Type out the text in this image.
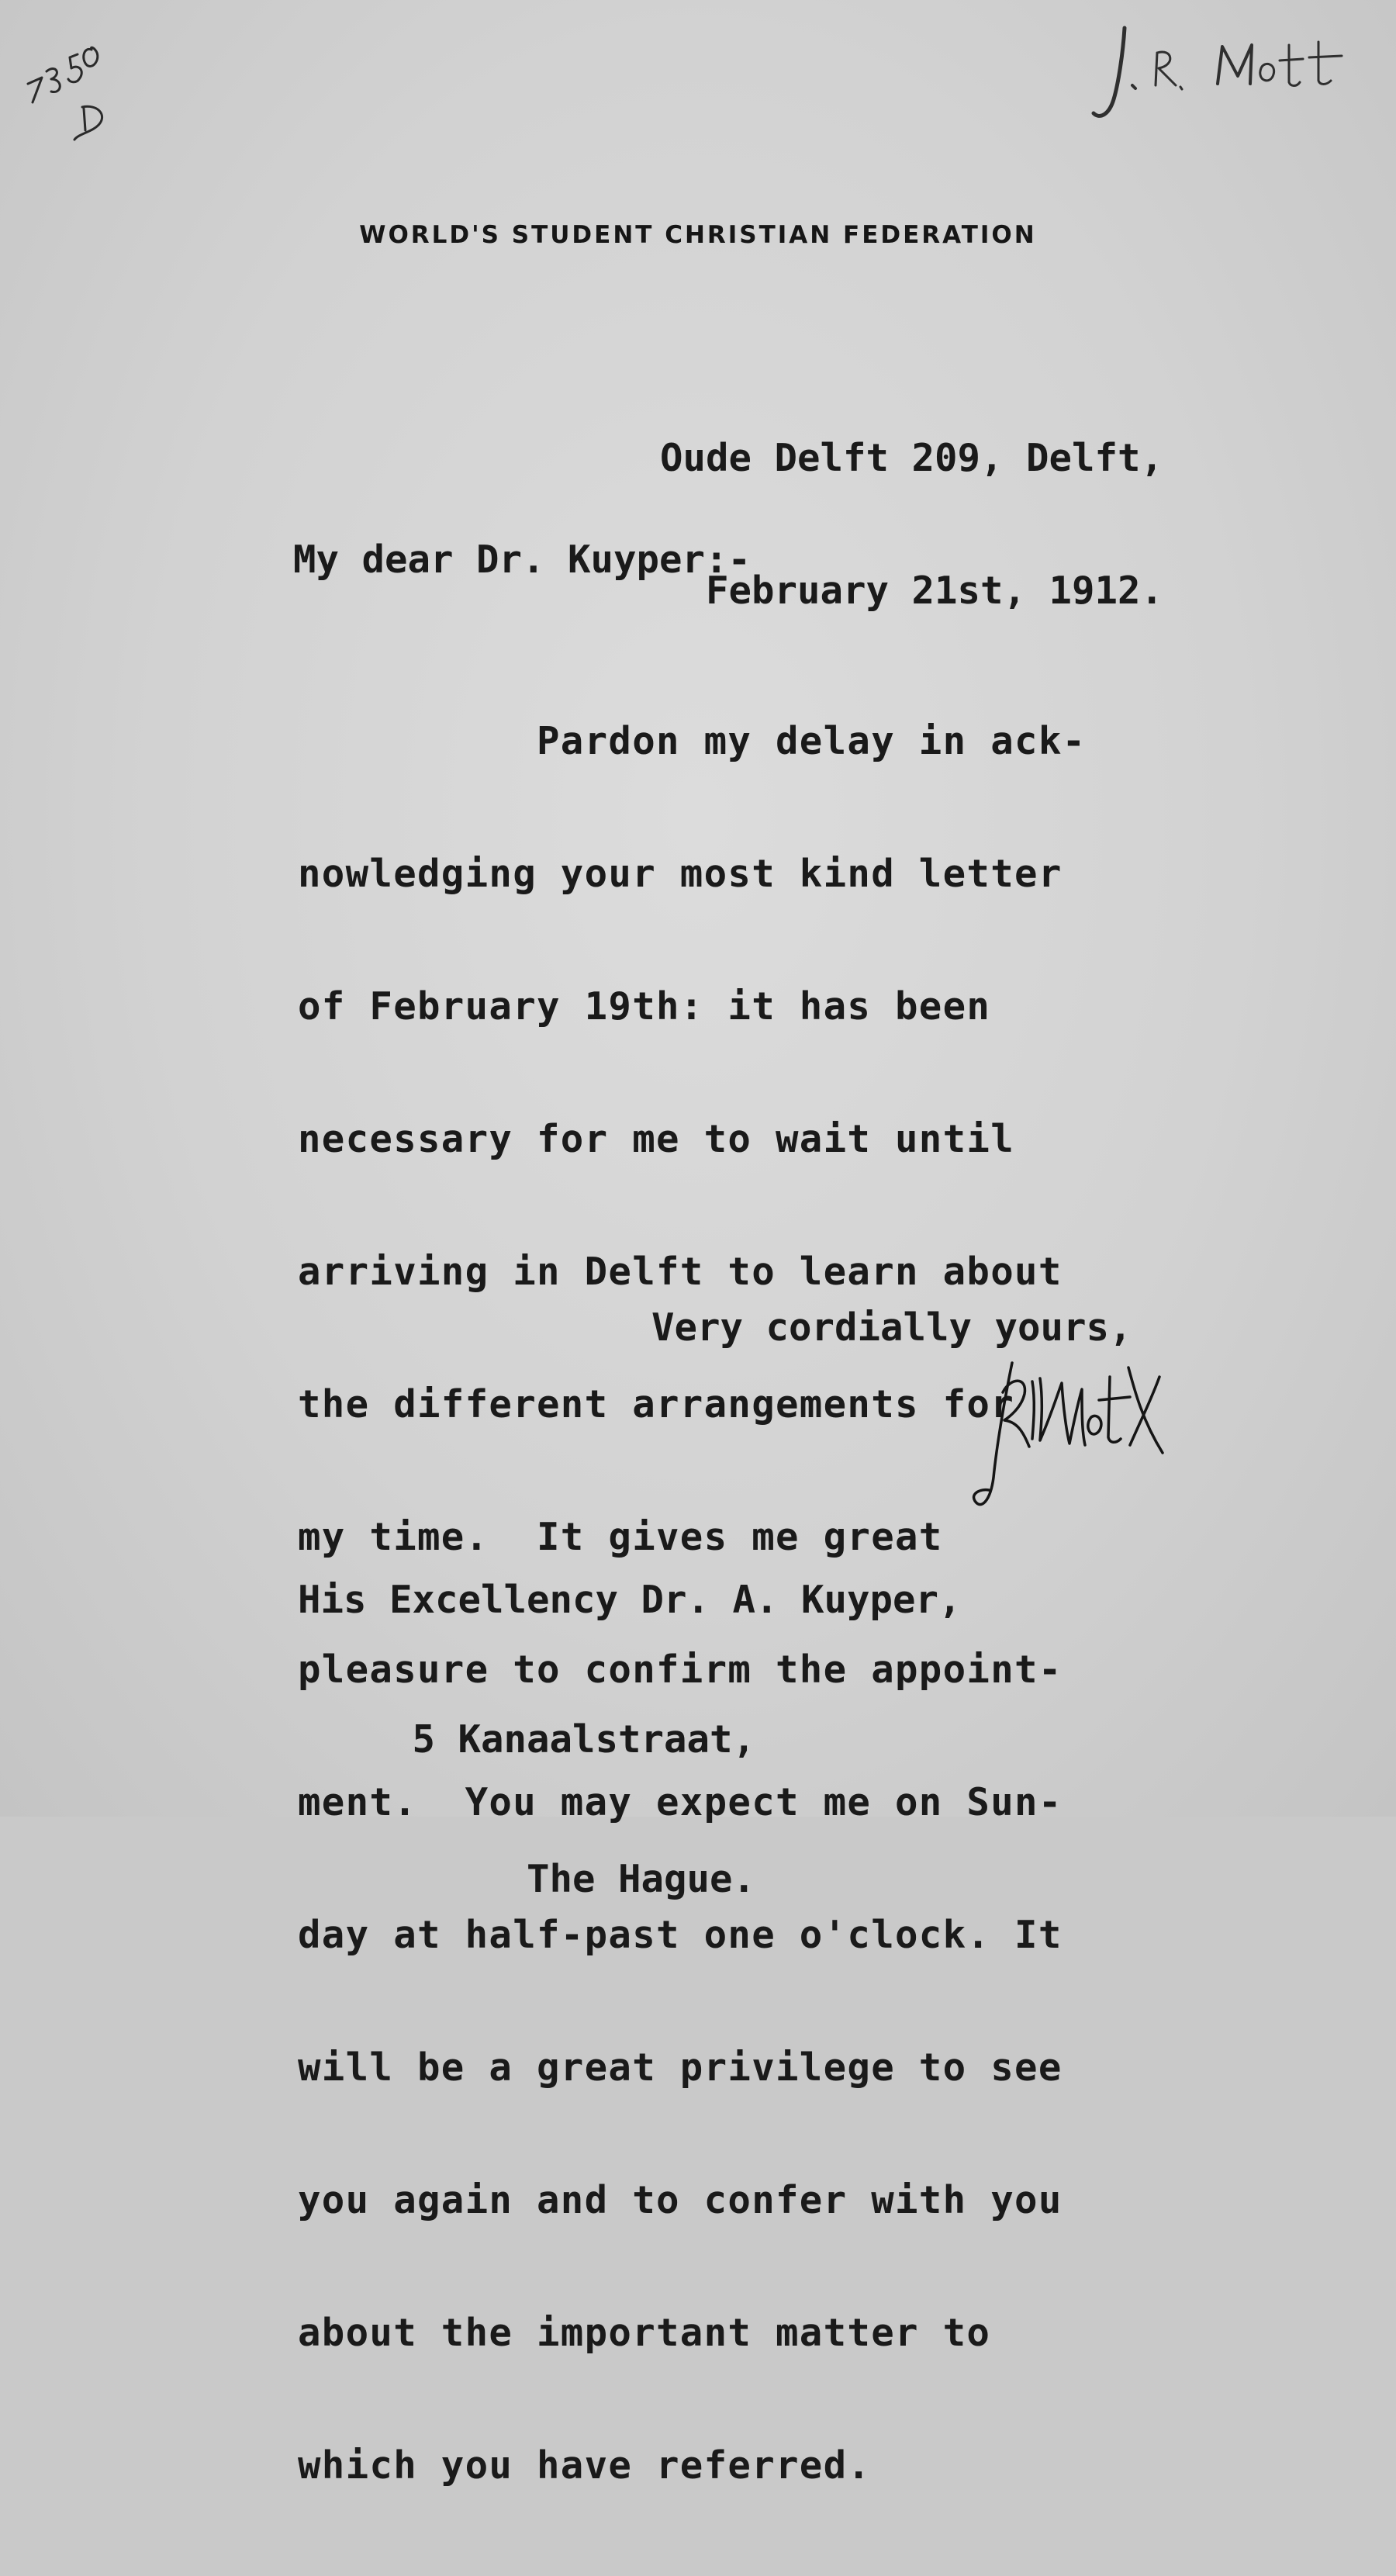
WORLD'S STUDENT CHRISTIAN FEDERATION

Oude Delft 209, Delft,

February 21st, 1912.

My dear Dr. Kuyper:-

Pardon my delay in ack-

nowledging your most kind letter

of February 19th: it has been

necessary for me to wait until

arriving in Delft to learn about

the different arrangements for

my time.  It gives me great

pleasure to confirm the appoint-

ment.  You may expect me on Sun-

day at half-past one o'clock. It

will be a great privilege to see

you again and to confer with you

about the important matter to

which you have referred.

Very cordially yours,

His Excellency Dr. A. Kuyper,

5 Kanaalstraat,

The Hague.
